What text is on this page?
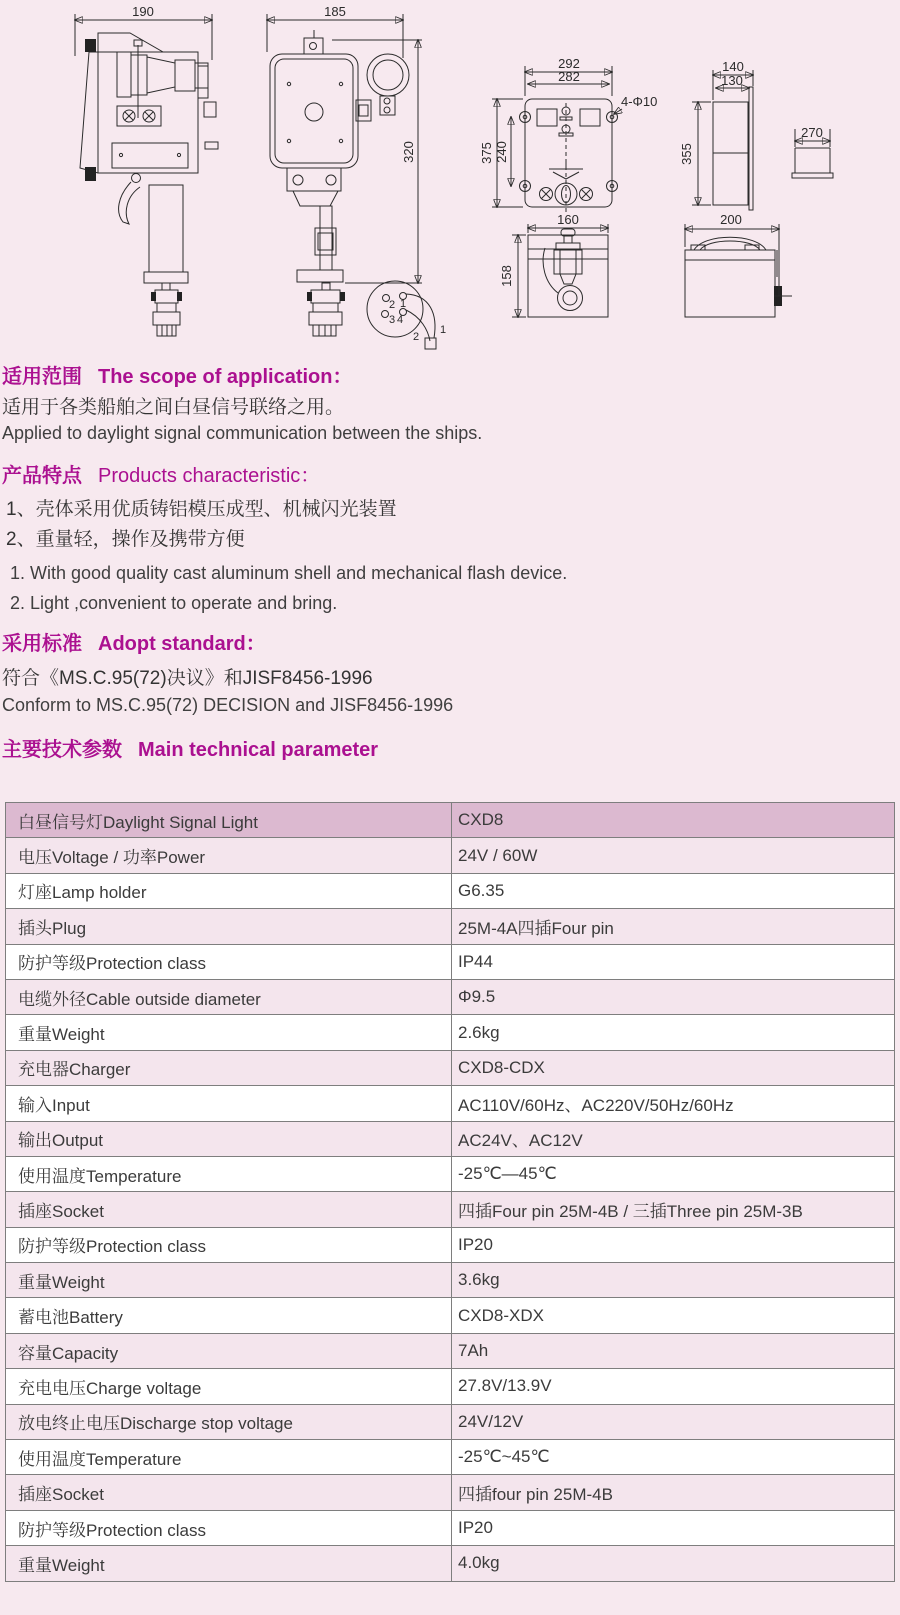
190	185
320
2 1
3 4
1
2
292
282
4-Φ10
375 240
140
130
355
270
160
158
200
适用范围 The scope of application：
适用于各类船舶之间白昼信号联络之用。
Applied to daylight signal communication between the ships.
产品特点 Products characteristic：
1、壳体采用优质铸铝模压成型、机械闪光装置
2、重量轻，操作及携带方便
1. With good quality cast aluminum shell and mechanical flash device.
2. Light ,convenient to operate and bring.
采用标准 Adopt standard：
符合《MS.C.95(72)决议》和JISF8456-1996
Conform to MS.C.95(72) DECISION and JISF8456-1996
主要技术参数 Main technical parameter
白昼信号灯Daylight Signal Light	CXD8
电压Voltage / 功率Power	24V / 60W
灯座Lamp holder	G6.35
插头Plug	25M-4A四插Four pin
防护等级Protection class	IP44
电缆外径Cable outside diameter	Φ9.5
重量Weight	2.6kg
充电器Charger	CXD8-CDX
输入Input	AC110V/60Hz、AC220V/50Hz/60Hz
输出Output	AC24V、AC12V
使用温度Temperature	-25℃—45℃
插座Socket	四插Four pin 25M-4B / 三插Three pin 25M-3B
防护等级Protection class	IP20
重量Weight	3.6kg
蓄电池Battery	CXD8-XDX
容量Capacity	7Ah
充电电压Charge voltage	27.8V/13.9V
放电终止电压Discharge stop voltage	24V/12V
使用温度Temperature	-25℃~45℃
插座Socket	四插four pin 25M-4B
防护等级Protection class	IP20
重量Weight	4.0kg
